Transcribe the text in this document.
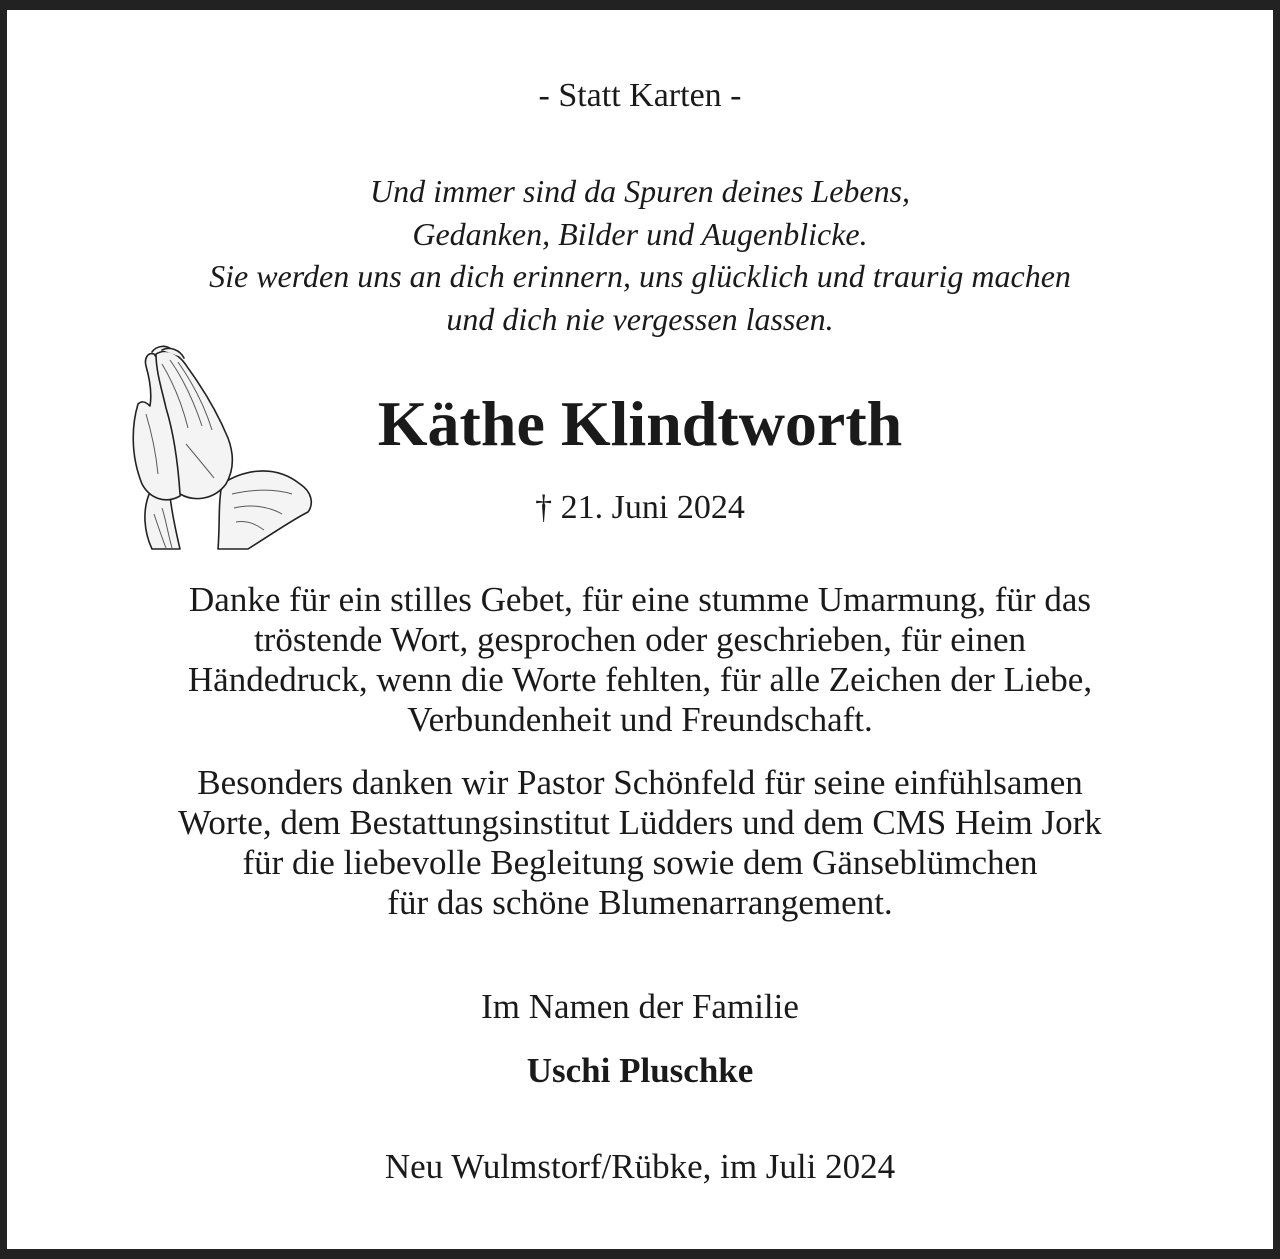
- Statt Karten -
Und immer sind da Spuren deines Lebens,
Gedanken, Bilder und Augenblicke.
Sie werden uns an dich erinnern, uns glücklich und traurig machen
und dich nie vergessen lassen.
Käthe Klindtworth
† 21. Juni 2024
Danke für ein stilles Gebet, für eine stumme Umarmung, für das
tröstende Wort, gesprochen oder geschrieben, für einen
Händedruck, wenn die Worte fehlten, für alle Zeichen der Liebe,
Verbundenheit und Freundschaft.
Besonders danken wir Pastor Schönfeld für seine einfühlsamen
Worte, dem Bestattungsinstitut Lüdders und dem CMS Heim Jork
für die liebevolle Begleitung sowie dem Gänseblümchen
für das schöne Blumenarrangement.
Im Namen der Familie
Uschi Pluschke
Neu Wulmstorf/Rübke, im Juli 2024
